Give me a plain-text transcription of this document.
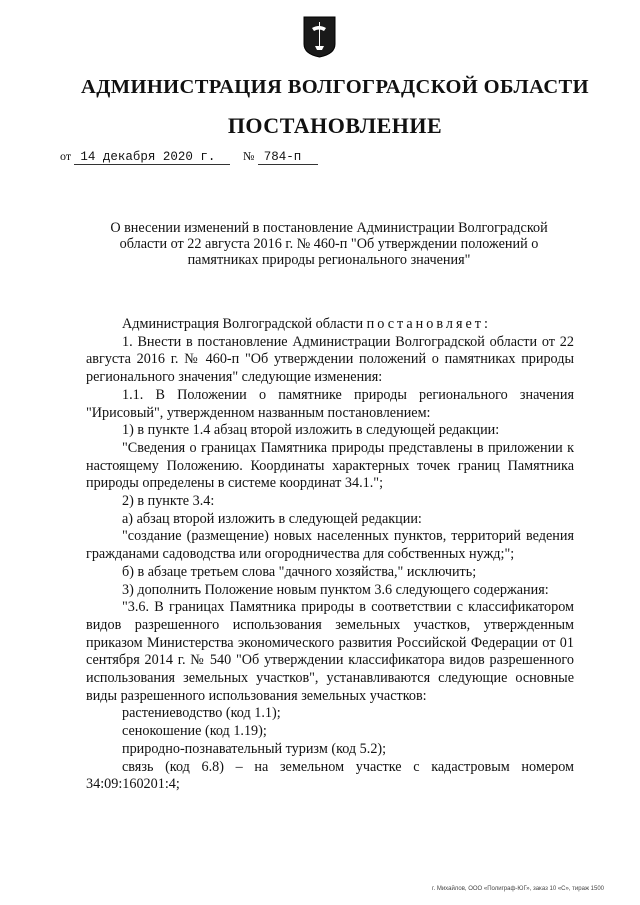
АДМИНИСТРАЦИЯ ВОЛГОГРАДСКОЙ ОБЛАСТИ
ПОСТАНОВЛЕНИЕ
от 14 декабря 2020 г.	№ 784-п
О внесении изменений в постановление Администрации Волгоградской области от 22 августа 2016 г. № 460-п "Об утверждении положений о памятниках природы регионального значения"

Администрация Волгоградской области постановляет:

1. Внести в постановление Администрации Волгоградской области от 22 августа 2016 г. № 460-п "Об утверждении положений о памятниках природы регионального значения" следующие изменения:

1.1. В Положении о памятнике природы регионального значения "Ирисовый", утвержденном названным постановлением:

1) в пункте 1.4 абзац второй изложить в следующей редакции:

"Сведения о границах Памятника природы представлены в приложении к настоящему Положению. Координаты характерных точек границ Памятника природы определены в системе координат 34.1.";

2) в пункте 3.4:

а) абзац второй изложить в следующей редакции:

"создание (размещение) новых населенных пунктов, территорий ведения гражданами садоводства или огородничества для собственных нужд;";

б) в абзаце третьем слова "дачного хозяйства," исключить;

3) дополнить Положение новым пунктом 3.6 следующего содержания:

"3.6. В границах Памятника природы в соответствии с классификатором видов разрешенного использования земельных участков, утвержденным приказом Министерства экономического развития Российской Федерации от 01 сентября 2014 г. № 540 "Об утверждении классификатора видов разрешенного использования земельных участков", устанавливаются следующие основные виды разрешенного использования земельных участков:

растениеводство (код 1.1);

сенокошение (код 1.19);

природно-познавательный туризм (код 5.2);

связь (код 6.8) – на земельном участке с кадастровым номером 34:09:160201:4;

г. Михайлов, ООО «Полиграф-ЮГ», заказ 10 «С», тираж 1500
